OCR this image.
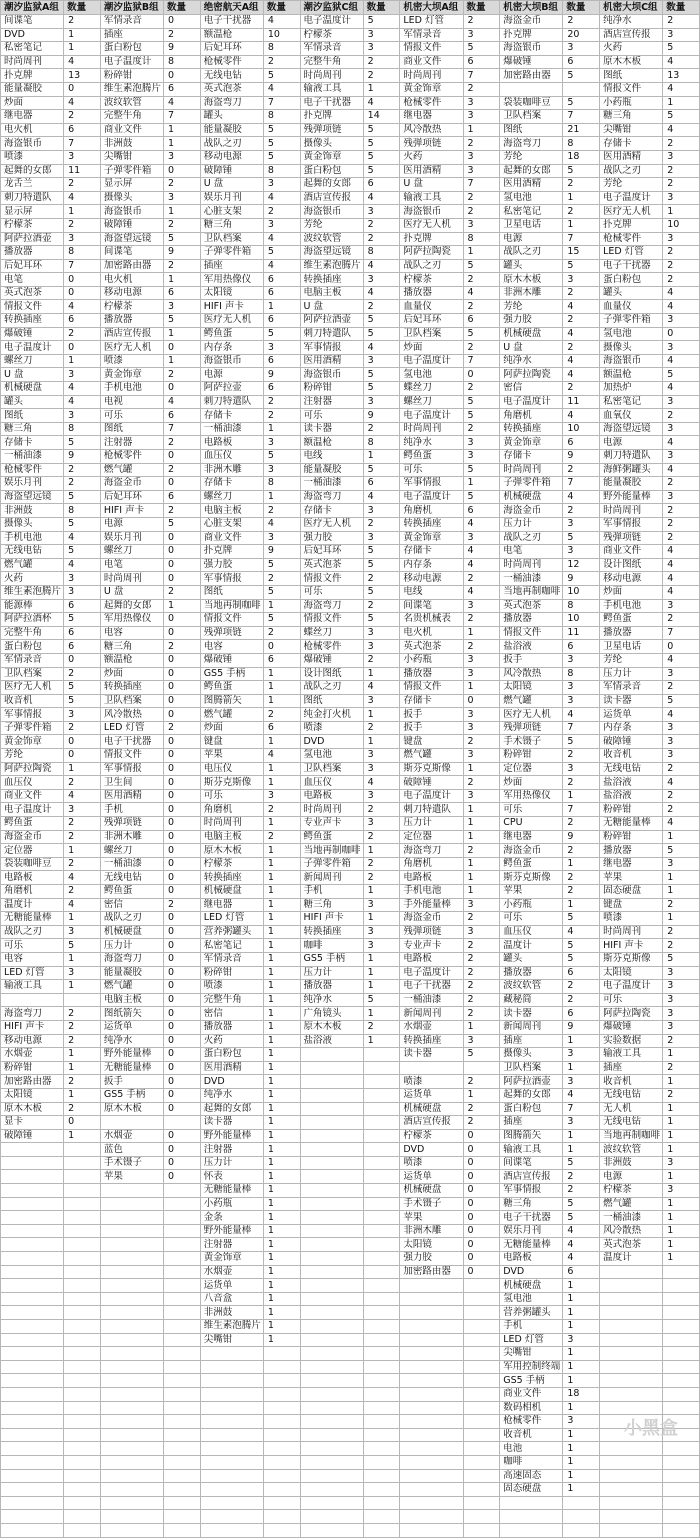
潮汐监狱A组	数量	潮汐监狱B组	数量	绝密航天A组	数量	潮汐监狱C组	数量	机密大坝A组	数量	机密大坝B组	数量	机密大坝C组	数量
间谍笔	2	军情录音	0	电子干扰器	4	电子温度计	5	LED 灯管	2	海盗金币	2	纯净水	2
DVD	1	插座	2	额温枪	10	柠檬茶	3	军情录音	3	扑克牌	20	酒店宣传报	3
私密笔记	1	蛋白粉包	9	后妃耳环	8	军情录音	3	情报文件	5	海盗银币	3	火药	5
时尚周刊	4	电子温度计	8	枪械零件	2	完整牛角	2	商业文件	6	爆破锤	6	原木木板	4
扑克牌	13	粉碎钳	0	无线电钻	5	时尚周刊	2	时尚周刊	7	加密路由器	5	图纸	13
能量凝胶	0	维生素泡腾片	6	英式泡茶	4	输液工具	1	黄金饰章	2			情报文件	4
炒面	4	波纹软管	4	海盗弯刀	7	电子干扰器	4	枪械零件	3	袋装咖啡豆	5	小药瓶	1
继电器	2	完整牛角	7	罐头	8	扑克牌	14	继电器	3	卫队档案	7	糖三角	5
电火机	6	商业文件	1	能量凝胶	5	残弹项链	5	风冷散热	1	图纸	21	尖嘴钳	4
海盗银币	7	非洲鼓	1	战队之刃	5	摄像头	5	残弹项链	2	海盗弯刀	8	存储卡	2
喷漆	3	尖嘴钳	3	移动电源	5	黄金饰章	5	火药	3	芳纶	18	医用酒精	3
起舞的女郎	11	子弹零件箱	0	破障锤	8	蛋白粉包	5	医用酒精	3	起舞的女郎	5	战队之刃	2
龙舌兰	2	显示屏	2	U 盘	3	起舞的女郎	6	U 盘	7	医用酒精	2	芳纶	2
刺刀特遣队	4	摄像头	3	娱乐月刊	4	酒店宣传报	4	输液工具	2	氢电池	1	电子温度计	3
显示屏	1	海盗银币	1	心脏支架	2	海盗银币	3	海盗银币	2	私密笔记	2	医疗无人机	1
柠檬茶	2	破障锤	2	糖三角	3	芳纶	2	医疗无人机	3	卫星电话	1	扑克牌	10
阿萨拉酒壶	3	海盗望远镜	5	卫队档案	4	波纹软管	2	扑克牌	8	电源	7	枪械零件	3
播放器	8	间谍笔	9	子弹零件箱	5	海盗望远镜	8	阿萨拉陶瓷	1	战队之刃	15	LED 灯管	2
后妃耳环	7	加密路由器	2	插座	4	维生素泡腾片	4	战队之刃	5	罐头	5	电子干扰器	2
电笔	0	电火机	1	军用热像仪	6	转换插座	3	柠檬茶	2	原木木板	3	蛋白粉包	2
英式泡茶	0	移动电源	6	太阳镜	6	电脑主板	4	播放器	4	非洲木雕	2	罐头	4
情报文件	4	柠檬茶	3	HIFI 声卡	1	U 盘	2	血量仪	2	芳纶	4	血量仪	4
转换插座	6	播放器	5	医疗无人机	6	阿萨拉酒壶	5	后妃耳环	6	强力胶	2	子弹零件箱	3
爆破锤	2	酒店宣传报	1	鳄鱼蛋	5	刺刀特遣队	5	卫队档案	5	机械硬盘	4	氢电池	0
电子温度计	0	医疗无人机	0	内存条	3	军事情报	4	炒面	2	U 盘	2	摄像头	3
螺丝刀	1	喷漆	1	海盗银币	6	医用酒精	3	电子温度计	7	纯净水	4	海盗银币	4
U 盘	3	黄金饰章	2	电源	9	海盗银币	5	氢电池	0	阿萨拉陶瓷	4	额温枪	5
机械硬盘	4	手机电池	0	阿萨拉壶	6	粉碎钳	5	蝶丝刀	2	密信	2	加热炉	4
罐头	4	电视	4	刺刀特遣队	2	注射器	3	螺丝刀	5	电子温度计	11	私密笔记	3
图纸	3	可乐	6	存储卡	2	可乐	9	电子温度计	5	角磨机	4	血氧仪	2
糖三角	8	图纸	7	一桶油漆	1	读卡器	2	时尚周刊	2	转换插座	10	海盗望远镜	3
存储卡	5	注射器	2	电路板	3	额温枪	8	纯净水	3	黄金饰章	6	电源	4
一桶油漆	9	枪械零件	0	血压仪	5	电线	1	鳄鱼蛋	3	存储卡	9	刺刀特遣队	3
枪械零件	2	燃气罐	2	非洲木雕	3	能量凝胶	5	可乐	5	时尚周刊	2	海鲜粥罐头	4
娱乐月刊	2	海盗金币	0	存储卡	8	一桶油漆	6	军事情报	1	子弹零件箱	7	能量凝胶	2
海盗望远镜	5	后妃耳环	6	螺丝刀	1	海盗弯刀	4	电子温度计	5	机械硬盘	4	野外能量棒	3
非洲鼓	8	HIFI 声卡	2	电脑主板	2	存储卡	3	角磨机	6	海盗金币	2	时尚周刊	2
摄像头	5	电源	5	心脏支架	4	医疗无人机	2	转换插座	4	压力计	3	军事情报	2
手机电池	4	娱乐月刊	0	商业文件	3	强力胶	3	黄金饰章	3	战队之刃	5	残弹项链	2
无线电钻	5	螺丝刀	0	扑克牌	9	后妃耳环	5	存储卡	4	电笔	3	商业文件	4
燃气罐	4	电笔	0	强力胶	5	英式泡茶	5	内存条	4	时尚周刊	12	设计图纸	4
火药	3	时尚周刊	0	军事情报	2	情报文件	2	移动电源	2	一桶油漆	9	移动电源	4
维生素泡腾片	3	U 盘	2	图纸	5	可乐	5	电线	4	当地再制咖啡	10	炒面	4
能源棒	6	起舞的女郎	1	当地再制咖啡	1	海盗弯刀	2	间谍笔	3	英式泡茶	8	手机电池	3
阿萨拉酒杯	5	军用热像仪	0	情报文件	5	情报文件	5	名贵机械表	2	播放器	10	鳄鱼蛋	2
完整牛角	6	电容	0	残弹项链	2	蝶丝刀	3	电火机	1	情报文件	11	播放器	7
蛋白粉包	6	糖三角	2	电容	0	枪械零件	3	英式泡茶	2	盐浴液	6	卫星电话	0
军情录音	0	额温枪	0	爆破锤	6	爆破锤	2	小药瓶	3	扳手	3	芳纶	4
卫队档案	2	炒面	0	GS5 手柄	1	设计图纸	1	播放器	3	风冷散热	8	压力计	3
医疗无人机	5	转换插座	0	鳄鱼蛋	1	战队之刃	4	情报文件	1	太阳镜	3	军情录音	2
收音机	5	卫队档案	0	图腾箭矢	1	图纸	3	存储卡	0	燃气罐	3	读卡器	5
军事情报	3	风冷散热	0	燃气罐	2	纯金打火机	1	扳手	3	医疗无人机	4	运货单	4
子弹零件箱	2	LED 灯管	2	炒面	6	喷漆	2	扳手	3	残弹项链	7	内存条	3
黄金饰章	0	电子干扰器	0	键盘	1	DVD	1	键盘	2	手术镊子	5	破障锤	3
芳纶	0	情报文件	0	苹果	4	氢电池	3	燃气罐	3	粉碎钳	2	收音机	3
阿萨拉陶瓷	1	军事情报	0	电压仪	1	卫队档案	3	斯芬克斯像	1	定位器	3	无线电钻	2
血压仪	2	卫生间	0	斯芬克斯像	1	血压仪	4	破障锤	2	炒面	2	盐浴液	4
商业文件	4	医用酒精	0	可乐	3	电路板	3	电子温度计	3	军用热像仪	1	盐浴液	2
电子温度计	3	手机	0	角磨机	2	时尚周刊	2	刺刀特遣队	1	可乐	7	粉碎钳	2
鳄鱼蛋	2	残弹项链	0	时尚周刊	1	专业声卡	3	压力计	1	CPU	2	无糖能量棒	4
海盗金币	2	非洲木雕	0	电脑主板	2	鳄鱼蛋	2	定位器	1	继电器	9	粉碎钳	1
定位器	1	螺丝刀	0	原木木板	1	当地再制咖啡	1	海盗弯刀	2	海盗金币	2	播放器	5
袋装咖啡豆	2	一桶油漆	0	柠檬茶	1	子弹零件箱	2	角磨机	1	鳄鱼蛋	1	继电器	3
电路板	4	无线电钻	0	转换插座	1	新闻周刊	2	电路板	1	斯芬克斯像	2	苹果	1
角磨机	2	鳄鱼蛋	0	机械硬盘	1	手机	1	手机电池	1	苹果	2	固态硬盘	1
温度计	4	密信	2	继电器	1	糖三角	3	手外能量棒	3	小药瓶	1	键盘	2
无糖能量棒	1	战队之刃	0	LED 灯管	1	HIFI 声卡	1	海盗金币	2	可乐	5	喷漆	1
战队之刃	3	机械硬盘	0	营养粥罐头	1	转换插座	3	残弹项链	3	血压仪	4	时尚周刊	2
可乐	5	压力计	0	私密笔记	1	咖啡	3	专业声卡	2	温度计	5	HIFI 声卡	2
电容	1	海盗弯刀	0	军情录音	1	GS5 手柄	1	电路板	2	罐头	5	斯芬克斯像	5
LED 灯管	3	能量凝胶	0	粉碎钳	1	压力计	1	电子温度计	2	播放器	6	太阳镜	3
输液工具	1	燃气罐	0	喷漆	1	播放器	1	电子干扰器	2	波纹软管	2	电子温度计	3
		电脑主板	0	完整牛角	1	纯净水	5	一桶油漆	2	藏秘简	2	可乐	3
海盗弯刀	2	图纸箭矢	0	密信	1	广角镜头	1	新闻周刊	2	读卡器	6	阿萨拉陶瓷	3
HIFI 声卡	2	运货单	0	播放器	1	原木木板	2	水烟壶	1	新闻周刊	9	爆破锤	3
移动电源	2	纯净水	0	火药	1	盐浴液	1	转换插座	3	插座	1	实验数据	2
水烟壶	1	野外能量棒	0	蛋白粉包	1			读卡器	5	摄像头	3	输液工具	1
粉碎钳	1	无糖能量棒	0	医用酒精	1					卫队档案	1	插座	2
加密路由器	2	扳手	0	DVD	1			喷漆	2	阿萨拉酒壶	3	收音机	1
太阳镜	1	GS5 手柄	0	纯净水	1			运货单	1	起舞的女郎	4	无线电钻	2
原木木板	2	原木木板	0	起舞的女郎	1			机械硬盘	2	蛋白粉包	7	无人机	1
显卡	0			读卡器	1			酒店宣传报	2	插座	3	无线电钻	1
破障锤	1	水烟壶	0	野外能量棒	1			柠檬茶	0	图腾箭矢	1	当地再制咖啡	1
		蓝色	0	注射器	1			DVD	0	输液工具	1	波纹软管	1
		手术镊子	0	压力计	1			喷漆	0	间谍笔	5	非洲鼓	3
		苹果	0	怀表	1			运货单	0	酒店宣传报	2	电源	1
				无糖能量棒	1			机械硬盘	0	军事情报	2	柠檬茶	3
				小药瓶	1			手术镊子	0	糖三角	5	燃气罐	1
				金条	1			苹果	0	电子干扰器	5	一桶油漆	1
				野外能量棒	1			非洲木雕	0	娱乐月刊	4	风冷散热	1
				注射器	1			太阳镜	0	无糖能量棒	4	英式泡茶	1
				黄金饰章	1			强力胶	0	电路板	4	温度计	1
				水烟壶	1			加密路由器	0	DVD	6		
				运货单	1					机械硬盘	1		
				八音盒	1					氢电池	1		
				非洲鼓	1					营养粥罐头	1		
				维生素泡腾片	1					手机	1		
				尖嘴钳	1					LED 灯管	3		
										尖嘴钳	1		
										军用控制终端	1		
										GS5 手柄	1		
										商业文件	18		
										数码相机	1		
										枪械零件	3		
										收音机	1		
										电池	1		
										咖啡	1		
										高速固态	1		
										固态硬盘	1		

小黑盒
